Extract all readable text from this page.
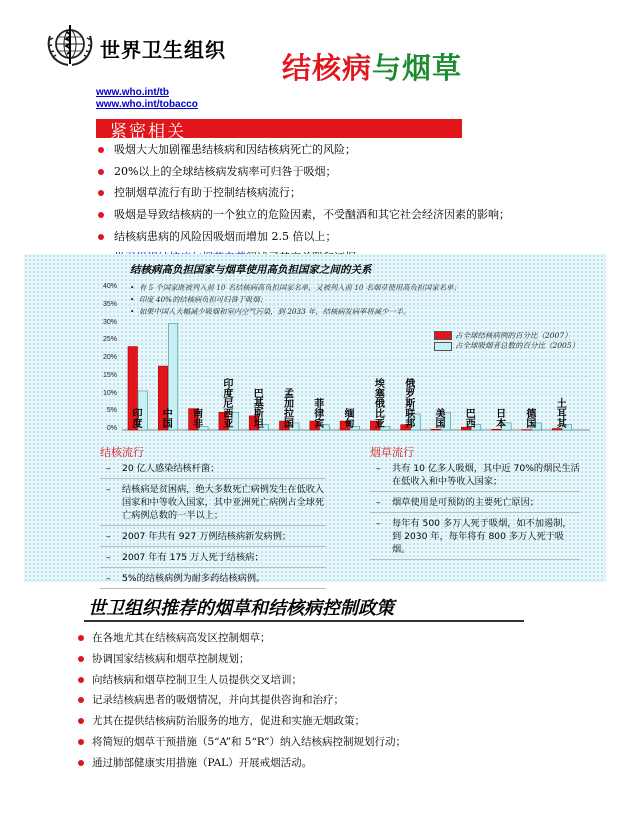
世界卫生组织
结核病与烟草
www.who.int/tb
www.who.int/tobacco
紧密相关
吸烟大大加剧罹患结核病和因结核病死亡的风险；
20%以上的全球结核病发病率可归咎于吸烟；
控制烟草流行有助于控制结核病流行；
吸烟是导致结核病的一个独立的危险因素，不受酗酒和其它社会经济因素的影响；
结核病患病的风险因吸烟而增加 2.5 倍以上；
结核病高负担国家与烟草使用高负担国家之间的关系
•  有 5 个国家既被列入前 10 名结核病高负担国家名单，又被列入前 10 名烟草使用高负担国家名单；
•  印度 40%的结核病负担可归咎于吸烟；
•  如果中国人大幅减少吸烟和室内空气污染，到 2033 年，结核病发病率将减少一半。
40%
35%
30%
25%
20%
15%
10%
5%
0%
印度 中国 南非 印度尼西亚 巴基斯坦 孟加拉国 菲律宾 缅甸 埃塞俄比亚 俄罗斯联邦 美国 巴西 日本 德国 土耳其
占全球结核病例的百分比（2007）
占全球吸烟者总数的百分比（2005）
结核流行
– 20 亿人感染结核杆菌；
– 结核病是贫困病，绝大多数死亡病例发生在低收入国家和中等收入国家，其中亚洲死亡病例占全球死亡病例总数的一半以上；
– 2007 年共有 927 万例结核病新发病例；
– 2007 年有 175 万人死于结核病；
– 5%的结核病例为耐多药结核病例。
烟草流行
– 共有 10 亿多人吸烟，其中近 70%的烟民生活在低收入和中等收入国家；
– 烟草使用是可预防的主要死亡原因；
– 每年有 500 多万人死于吸烟，如不加遏制，到 2030 年，每年将有 800 多万人死于吸烟。
世卫组织推荐的烟草和结核病控制政策
在各地尤其在结核病高发区控制烟草；
协调国家结核病和烟草控制规划；
向结核病和烟草控制卫生人员提供交叉培训；
记录结核病患者的吸烟情况，并向其提供咨询和治疗；
尤其在提供结核病防治服务的地方，促进和实施无烟政策；
将简短的烟草干预措施（5“A”和 5“R”）纳入结核病控制规划行动；
通过肺部健康实用措施（PAL）开展戒烟活动。
